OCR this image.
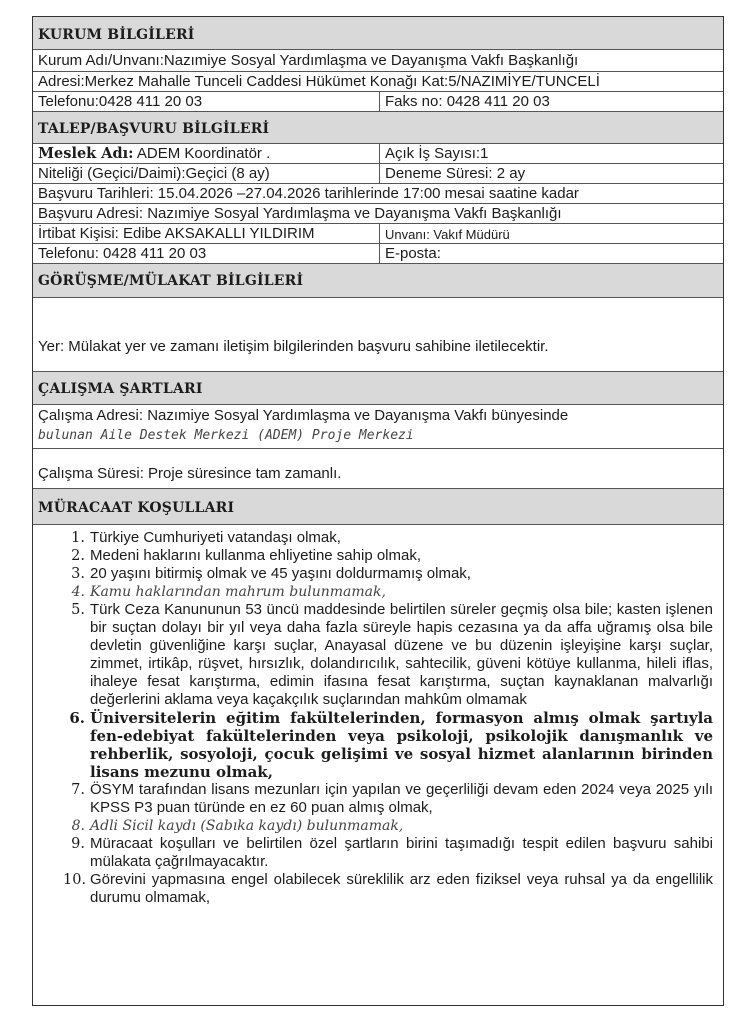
KURUM BİLGİLERİ
Kurum Adı/Unvanı:Nazımiye Sosyal Yardımlaşma ve Dayanışma Vakfı Başkanlığı
Adresi:Merkez Mahalle Tunceli Caddesi Hükümet Konağı Kat:5/NAZIMİYE/TUNCELİ
Telefonu:0428 411 20 03	Faks no: 0428 411 20 03
TALEP/BAŞVURU BİLGİLERİ
Meslek Adı: ADEM Koordinatör .	Açık İş Sayısı:1
Niteliği (Geçici/Daimi):Geçici (8 ay)	Deneme Süresi: 2 ay
Başvuru Tarihleri: 15.04.2026 –27.04.2026 tarihlerinde 17:00 mesai saatine kadar
Başvuru Adresi: Nazımiye Sosyal Yardımlaşma ve Dayanışma Vakfı Başkanlığı
İrtibat Kişisi: Edibe AKSAKALLI YILDIRIM	Unvanı: Vakıf Müdürü
Telefonu: 0428 411 20 03	E-posta:
GÖRÜŞME/MÜLAKAT BİLGİLERİ
Yer: Mülakat yer ve zamanı iletişim bilgilerinden başvuru sahibine iletilecektir.
ÇALIŞMA ŞARTLARI
Çalışma Adresi: Nazımiye Sosyal Yardımlaşma ve Dayanışma Vakfı bünyesinde
bulunan Aile Destek Merkezi (ADEM) Proje Merkezi
Çalışma Süresi: Proje süresince tam zamanlı.
MÜRACAAT KOŞULLARI
1. Türkiye Cumhuriyeti vatandaşı olmak,
2. Medeni haklarını kullanma ehliyetine sahip olmak,
3. 20 yaşını bitirmiş olmak ve 45 yaşını doldurmamış olmak,
4. Kamu haklarından mahrum bulunmamak,
5. Türk Ceza Kanununun 53 üncü maddesinde belirtilen süreler geçmiş olsa bile; kasten işlenen bir suçtan dolayı bir yıl veya daha fazla süreyle hapis cezasına ya da affa uğramış olsa bile devletin güvenliğine karşı suçlar, Anayasal düzene ve bu düzenin işleyişine karşı suçlar, zimmet, irtikâp, rüşvet, hırsızlık, dolandırıcılık, sahtecilik, güveni kötüye kullanma, hileli iflas, ihaleye fesat karıştırma, edimin ifasına fesat karıştırma, suçtan kaynaklanan malvarlığı değerlerini aklama veya kaçakçılık suçlarından mahkûm olmamak
6. Üniversitelerin eğitim fakültelerinden, formasyon almış olmak şartıyla fen-edebiyat fakültelerinden veya psikoloji, psikolojik danışmanlık ve rehberlik, sosyoloji, çocuk gelişimi ve sosyal hizmet alanlarının birinden lisans mezunu olmak,
7. ÖSYM tarafından lisans mezunları için yapılan ve geçerliliği devam eden 2024 veya 2025 yılı KPSS P3 puan türünde en ez 60 puan almış olmak,
8. Adli Sicil kaydı (Sabıka kaydı) bulunmamak,
9. Müracaat koşulları ve belirtilen özel şartların birini taşımadığı tespit edilen başvuru sahibi mülakata çağrılmayacaktır.
10. Görevini yapmasına engel olabilecek süreklilik arz eden fiziksel veya ruhsal ya da engellilik durumu olmamak,
